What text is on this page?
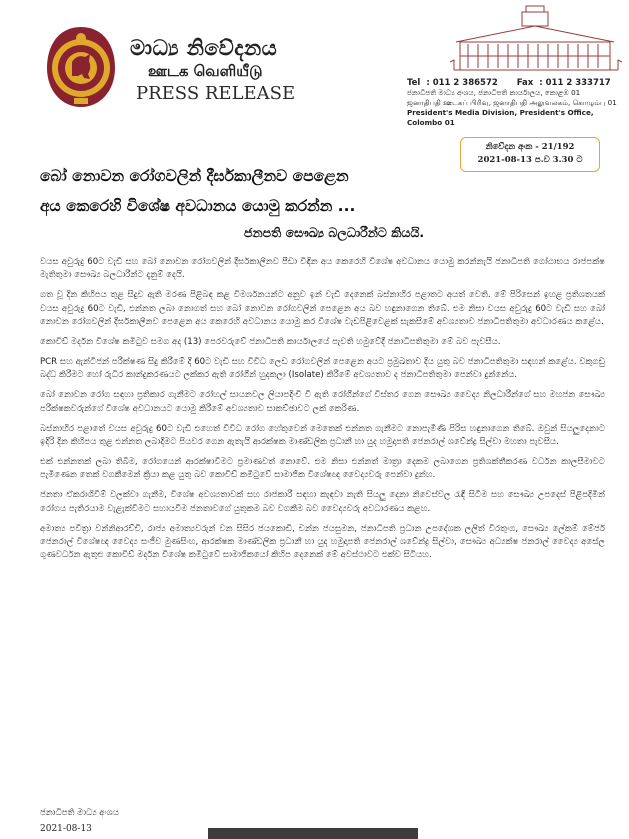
මාධ්‍ය නිවේදනය
ஊடக வெளியீடு
PRESS RELEASE	Tel : 011 2 386572 Fax : 011 2 333717
ජනාධිපති මාධ්‍ය අංශය, ජනාධිපති කාර්යාලය, කොළඹ 01
ஜனாதிபதி ஊடகப் பிரிவு, ஜனாதிபதி அலுவலகம், கொழும்பு 01
President's Media Division, President's Office, Colombo 01
නිවේදන අංක - 21/192
2021-08-13 ප.ව 3.30 ට
බෝ නොවන රෝගවලින් දීර්ඝකාලීනව පෙළෙන
අය කෙරෙහි විශේෂ අවධානය යොමු කරන්න ...
ජනපති සෞඛ්‍ය බලධාරීන්ට කියයි.

වයස අවුරුදු 60ට වැඩි සහ බෝ නොවන රෝගවලින් දීර්ඝකාලීනව පීඩා විඳින අය කෙරෙහි විශේෂ අවධානය යොමු කරන්නැයි ජනාධිපති ගෝඨාභය රාජපක්ෂ මැතිතුමා සෞඛ්‍ය බලධාරීන්ට දැනුම් දෙයි.

ගත වූ දින කිහිපය තුළ සිදුව ඇති මරණ පිළිබඳ කළ විමර්ශනයන්ට අනුව ඉන් වැඩි දෙනෙක් බස්නාහිර පළාතට අයත් වෙති. මේ පිරිසෙන් ඉහළ ප්‍රතිශතයක් වයස අවුරුදු 60ට වැඩි, එන්නත ලබා නොගත් සහ බෝ නොවන රෝගවලින් පෙළෙන අය බව හඳුනාගෙන තිබේ. එම නිසා වයස අවුරුදු 60ට වැඩි සහ බෝ නොවන රෝගවලින් දීර්ඝකාලීනව පෙළෙන අය කෙරෙහි අවධානය යොමු කර විශේෂ වැඩපිළිවෙළක් සැකසීමේ අවශ්‍යතාව ජනාධිපතිතුමා අවධාරණය කළේය.

කොවිඩ් මර්දන විශේෂ කමිටුව සමග අද (13) පෙරවරුවේ ජනාධිපති කාර්යාලයේ පැවති හමුවේදී ජනාධිපතිතුමා මේ බව පැවසීය.

PCR සහ ඇන්ටිජන් පරීක්ෂණ සිදු කිරීමේ දී 60ට වැඩි සහ විවිධ ලෙඩ රෝගවලින් පෙළෙන අයට ප්‍රමුඛතාව දිය යුතු බව ජනාධිපතිතුමා සඳහන් කළේය. වකුගඩු බද්ධ කිරීමට හෝ රුධිර කාන්දුකරණයට ලක්කර ඇති රෝගීන් හුදකලා (Isolate) කිරීමේ අවශ්‍යතාව ද ජනාධිපතිතුමා පෙන්වා දුන්නේය.

බෝ නොවන රෝග සඳහා ප්‍රතිකාර ගැනීමට රෝහල් සායනවල ලියාපදිංචි වී ඇති රෝගීන්ගේ විස්තර ගෙන සෞඛ්‍ය වෛද්‍ය නිලධාරීන්ගේ සහ මහජන සෞඛ්‍ය පරීක්ෂකවරුන්ගේ විශේෂ අවධානයට යොමු කිරීමේ අවශ්‍යතාව සාකච්ඡාවට ලක් කෙරිණ.

බස්නාහිර පළාතේ වයස අවුරුදු 60ට වැඩි එහෙත් විවිධ රෝග හේතුවෙන් මෙතෙක් එන්නත ගැනීමට නොපැමිණි පිරිස හඳුනාගෙන තිබේ. ඔවුන් සියලුදෙනාට ඉදිරි දින කිහිපය තුළ එන්නත ලබාදීමට පියවර ගෙන ඇතැයි ආරක්ෂක මාණ්ඩලික ප්‍රධානී හා යුද හමුදාපති ජෙනරාල් ශවේන්ද්‍ර සිල්වා මහතා පැවසීය.

එක් එන්නතක් ලබා තිබීම, රෝගයෙන් ආරක්ෂාවීමට ප්‍රමාණවත් නොවේ. එම නිසා එන්නත් මාත්‍රා දෙකම ලබාගෙන ප්‍රතිශක්තීකරණ වර්ධන කාලසීමාවට පැමිණෙන තෙක් වගකීමෙන් ක්‍රියා කළ යුතු බව කොවිඩ් කමිටුවේ සාමාජික විශේෂඥ වෛද්‍යවරු පෙන්වා දුන්හ.

ජනතා ඒකරාශිවීම් වලක්වා ගැනීම, විශේෂ අවශ්‍යතාවක් සහ රාජකාරී සඳහා කැඳවා නැති සියලු දෙනා නිවෙස්වල රැඳී සිටීම සහ සෞඛ්‍ය උපදෙස් පිළිපදිමින් රෝගය පැතිරයාම වැළැක්වීමට සහායවීම ජනතාවගේ යුතුකම බව වගකීම බව වෛද්‍යවරු අවධාරණය කළහ.

අමාත්‍ය පවිත්‍රා වන්නිආරච්චි, රාජ්‍ය අමාත්‍යවරුන් වන සිසිර ජයකොඩි, චන්න ජයසුමන, ජනාධිපති ප්‍රධාන උපදේශක ලලිත් වීරතුංග, සෞඛ්‍ය ලේකම් මේජර් ජෙනරාල් විශේෂඥ වෛද්‍ය සංජීව මුණසිංහ, ආරක්ෂක මාණ්ඩලික ප්‍රධානී හා යුද හමුදාපති ජෙනරාල් ශවේන්ද්‍ර සිල්වා, සෞඛ්‍ය අධ්‍යක්ෂ ජනරාල් වෛද්‍ය අසේල ගුණවර්ධන ඇතුළු කොවිඩ් මර්දන විශේෂ කමිටුවේ සාමාජිකයෝ කිහිප දෙනෙක් මේ අවස්ථාවට එක්ව සිටියහ.

ජනාධිපති මාධ්‍ය අංශය
2021-08-13
